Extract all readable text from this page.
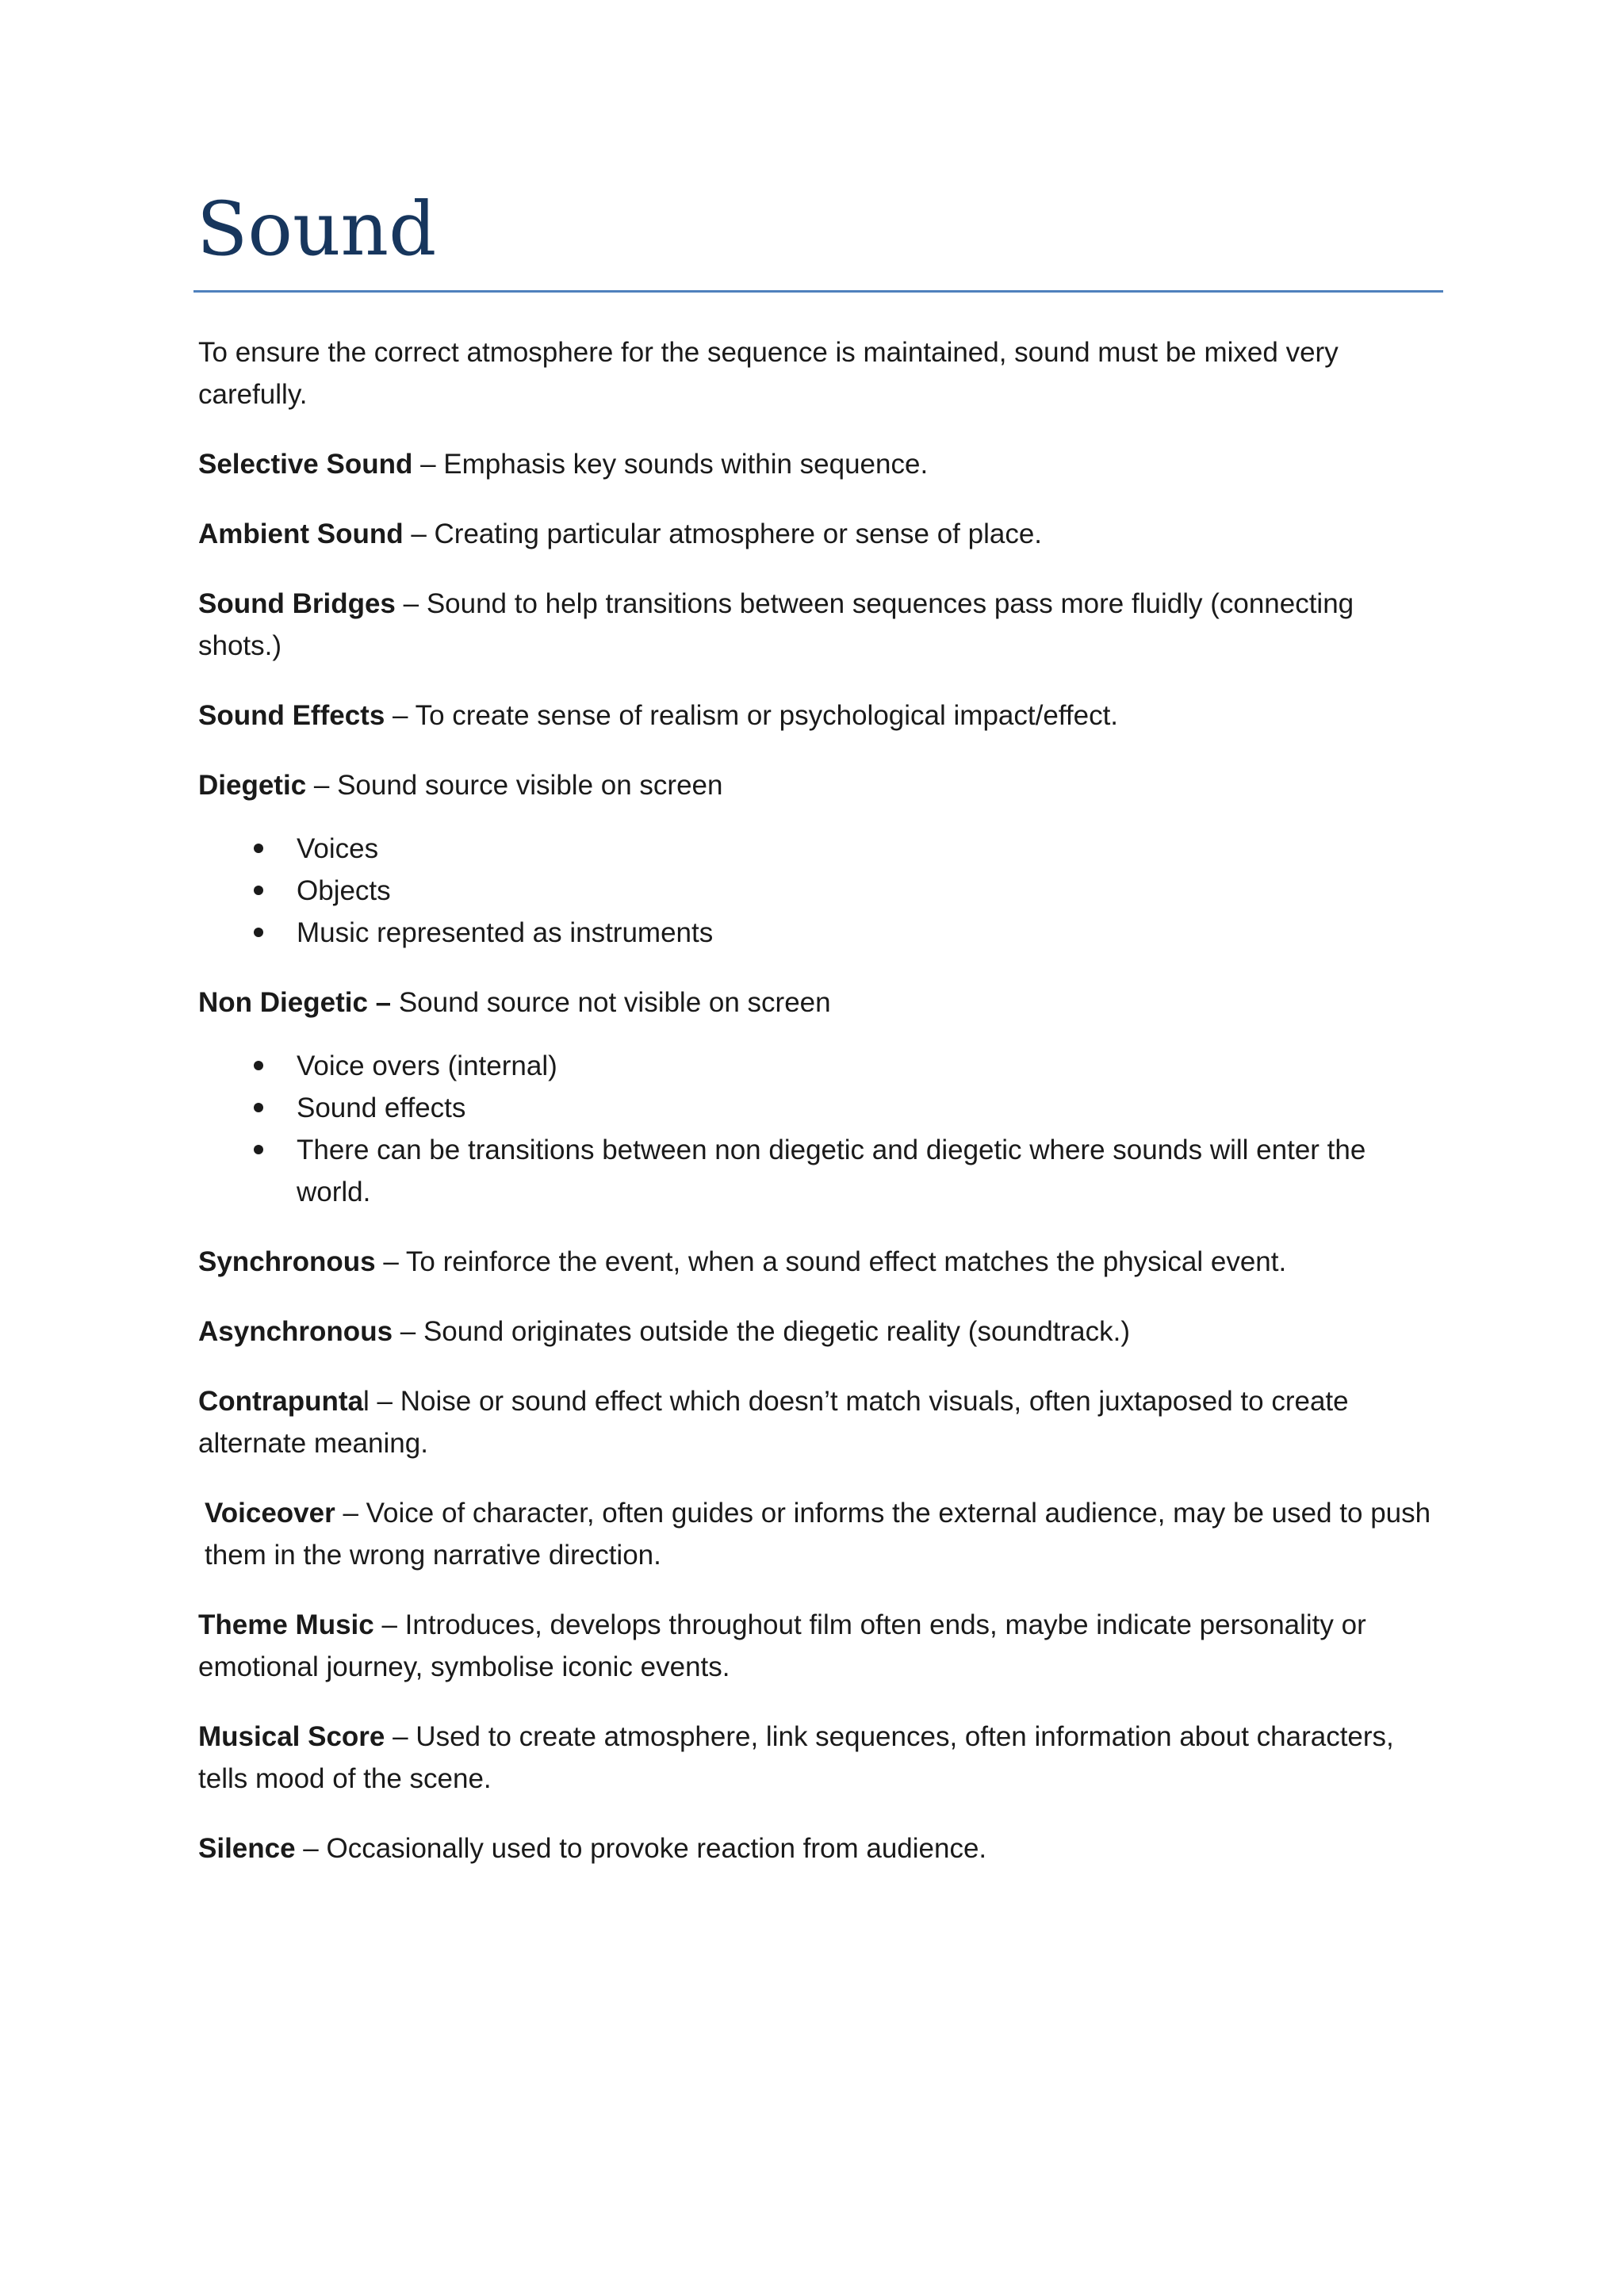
Sound

To ensure the correct atmosphere for the sequence is maintained, sound must be mixed very carefully.

Selective Sound – Emphasis key sounds within sequence.

Ambient Sound – Creating particular atmosphere or sense of place.

Sound Bridges – Sound to help transitions between sequences pass more fluidly (connecting shots.)

Sound Effects – To create sense of realism or psychological impact/effect.

Diegetic – Sound source visible on screen

Voices
Objects
Music represented as instruments

Non Diegetic – Sound source not visible on screen

Voice overs (internal)
Sound effects
There can be transitions between non diegetic and diegetic where sounds will enter the world.

Synchronous – To reinforce the event, when a sound effect matches the physical event.

Asynchronous – Sound originates outside the diegetic reality (soundtrack.)

Contrapuntal – Noise or sound effect which doesn’t match visuals, often juxtaposed to create alternate meaning.

Voiceover – Voice of character, often guides or informs the external audience, may be used to push them in the wrong narrative direction.

Theme Music – Introduces, develops throughout film often ends, maybe indicate personality or emotional journey, symbolise iconic events.

Musical Score – Used to create atmosphere, link sequences, often information about characters, tells mood of the scene.

Silence – Occasionally used to provoke reaction from audience.
